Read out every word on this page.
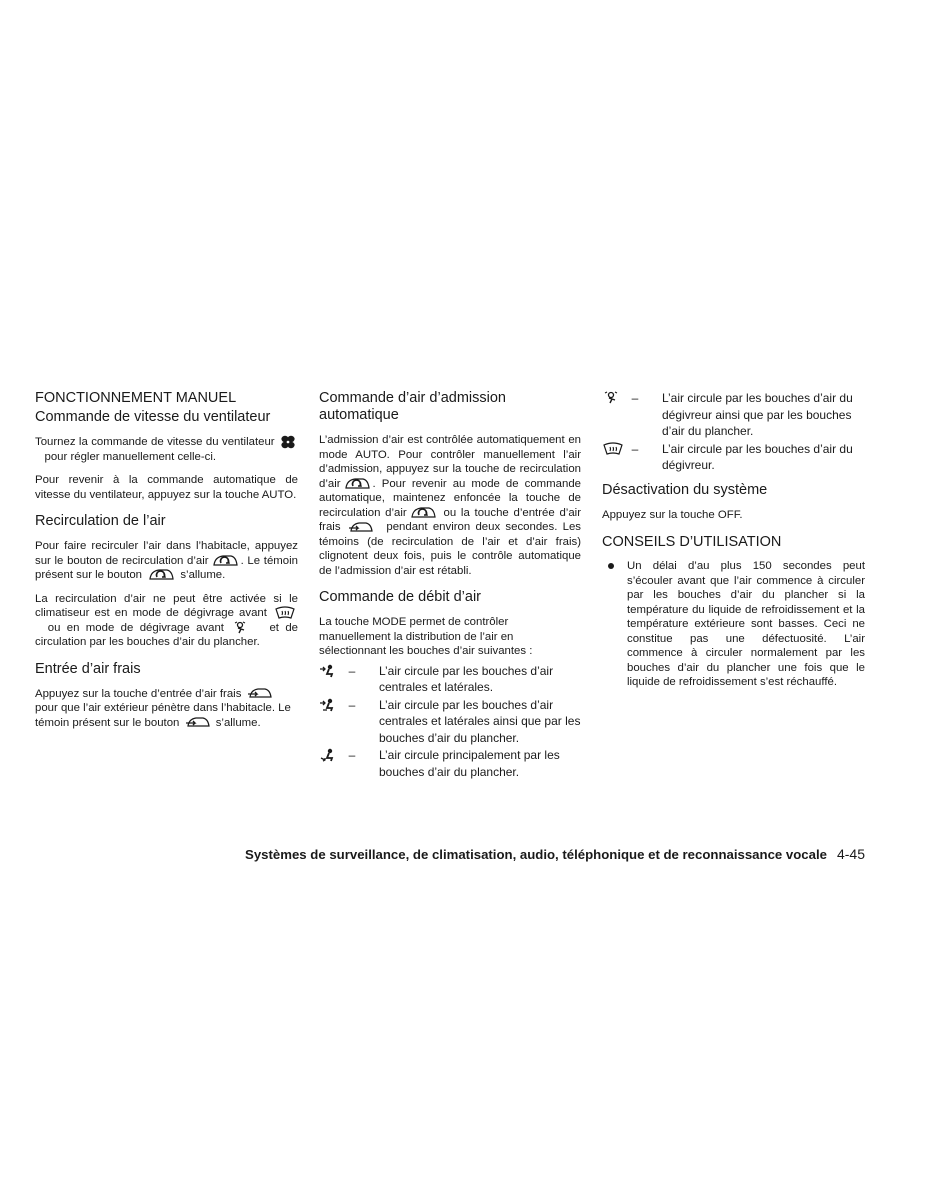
FONCTIONNEMENT MANUEL
Commande de vitesse du ventilateur

Tournez la commande de vitesse du ventilateur     pour régler manuellement celle-ci.

Pour revenir à la commande automatique de vitesse du ventilateur, appuyez sur la touche AUTO.

Recirculation de l’air

Pour faire recirculer l’air dans l’habitacle, appuyez sur le bouton de recirculation d’air	. Le témoin présent sur le bouton	s’allume.

La recirculation d’air ne peut être activée si le climatiseur est en mode de dégivrage avant    ou en mode de dégivrage avant	et de circulation par les bouches d’air du plancher.

Entrée d’air frais

Appuyez sur la touche d’entrée d’air frais  pour que l’air extérieur pénètre dans l’habitacle. Le témoin présent sur le bouton	s’allume.

Commande d’air d’admission automatique

L’admission d’air est contrôlée automatiquement en mode AUTO. Pour contrôler manuellement l’air d’admission, appuyez sur la touche de recirculation d’air	. Pour revenir au mode de commande automatique, maintenez enfoncée la touche de recirculation d’air	ou la touche d’entrée d’air frais	pendant environ deux secondes. Les témoins (de recirculation de l’air et d’air frais) clignotent deux fois, puis le contrôle automatique de l’admission d’air est rétabli.

Commande de débit d’air

La touche MODE permet de contrôler manuellement la distribution de l’air en sélectionnant les bouches d’air suivantes :

–	L’air circule par les bouches d’air centrales et latérales.
–	L’air circule par les bouches d’air centrales et latérales ainsi que par les bouches d’air du plancher.
–	L’air circule principalement par les bouches d’air du plancher.
–	L’air circule par les bouches d’air du dégivreur ainsi que par les bouches d’air du plancher.
–	L’air circule par les bouches d’air du dégivreur.
Désactivation du système

Appuyez sur la touche OFF.

CONSEILS D’UTILISATION
Un délai d’au plus 150 secondes peut s’écouler avant que l’air commence à circuler par les bouches d’air du plancher si la température du liquide de refroidissement et la température extérieure sont basses. Ceci ne constitue pas une défectuosité. L’air commence à circuler normalement par les bouches d’air du plancher une fois que le liquide de refroidissement s’est réchauffé.
Systèmes de surveillance, de climatisation, audio, téléphonique et de reconnaissance vocale 4-45
